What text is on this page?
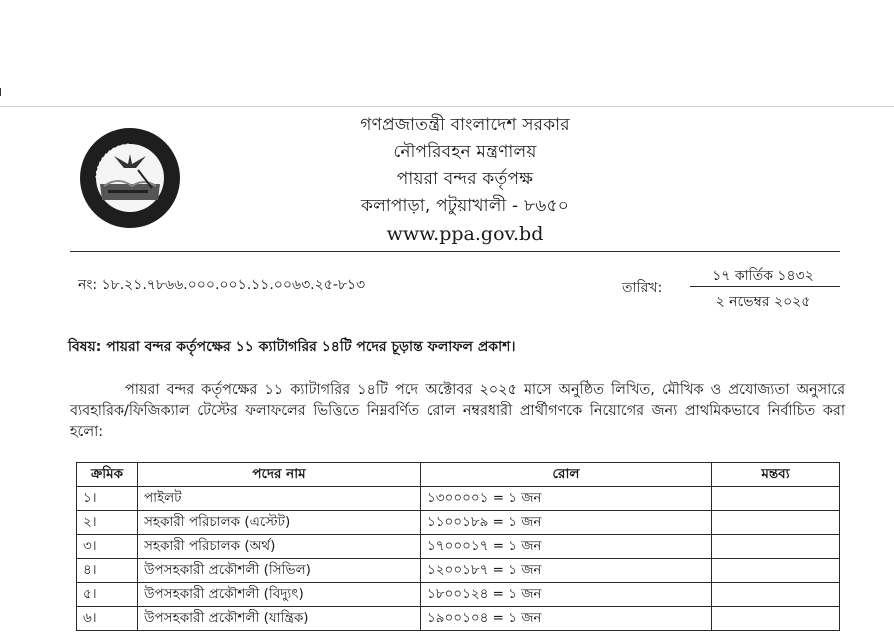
গণপ্রজাতন্ত্রী বাংলাদেশ সরকার
নৌপরিবহন মন্ত্রণালয়
পায়রা বন্দর কর্তৃপক্ষ
কলাপাড়া, পটুয়াখালী - ৮৬৫০
www.ppa.gov.bd
নং: ১৮.২১.৭৮৬৬.০০০.০০১.১১.০০৬৩.২৫-৮১৩	তারিখ:
১৭ কার্তিক ১৪৩২
২ নভেম্বর ২০২৫
বিষয়: পায়রা বন্দর কর্তৃপক্ষের ১১ ক্যাটাগরির ১৪টি পদের চূড়ান্ত ফলাফল প্রকাশ।
পায়রা বন্দর কর্তৃপক্ষের ১১ ক্যাটাগরির ১৪টি পদে অক্টোবর ২০২৫ মাসে অনুষ্ঠিত লিখিত, মৌখিক ও প্রযোজ্যতা অনুসারে ব্যবহারিক/ফিজিক্যাল টেস্টের ফলাফলের ভিত্তিতে নিম্নবর্ণিত রোল নম্বরধারী প্রার্থীগণকে নিয়োগের জন্য প্রাথমিকভাবে নির্বাচিত করা হলো:
ক্রমিক	পদের নাম	রোল	মন্তব্য
১।	পাইলট	১৩০০০০১ = ১ জন	
২।	সহকারী পরিচালক (এস্টেট)	১১০০১৮৯ = ১ জন	
৩।	সহকারী পরিচালক (অর্থ)	১৭০০০১৭ = ১ জন	
৪।	উপসহকারী প্রকৌশলী (সিভিল)	১২০০১৮৭ = ১ জন	
৫।	উপসহকারী প্রকৌশলী (বিদ্যুৎ)	১৮০০১২৪ = ১ জন	
৬।	উপসহকারী প্রকৌশলী (যান্ত্রিক)	১৯০০১০৪ = ১ জন	
